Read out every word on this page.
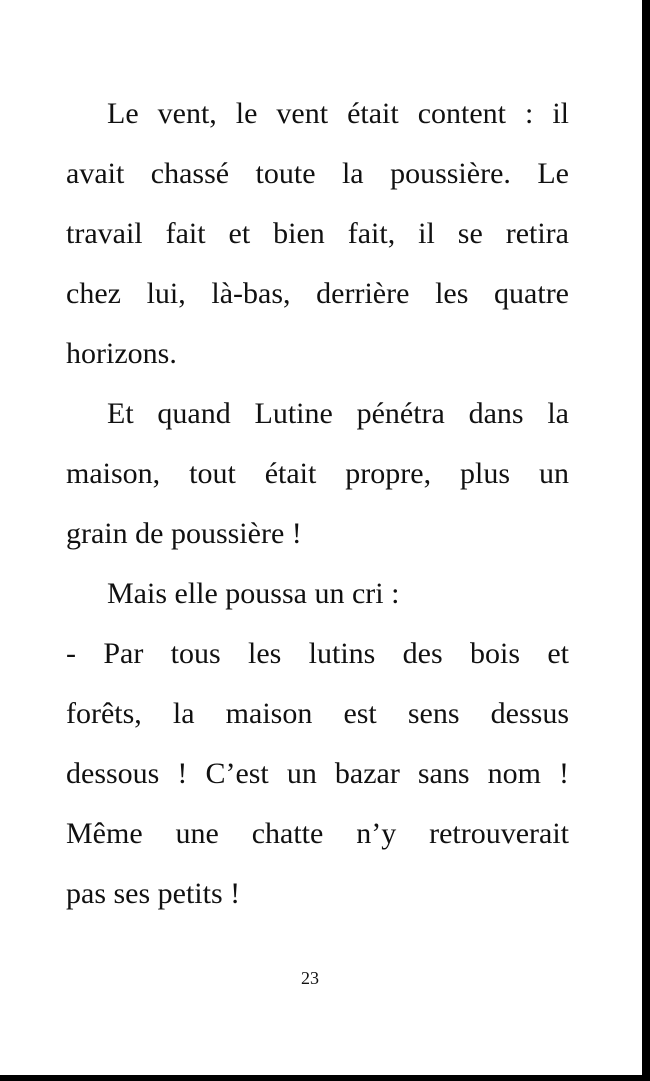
Le vent, le vent était content : il
avait chassé toute la poussière. Le
travail fait et bien fait, il se retira
chez lui, là-bas, derrière les quatre
horizons.
Et quand Lutine pénétra dans la
maison, tout était propre, plus un
grain de poussière !
Mais elle poussa un cri :
- Par tous les lutins des bois et
forêts, la maison est sens dessus
dessous ! C’est un bazar sans nom !
Même une chatte n’y retrouverait
pas ses petits !
23
